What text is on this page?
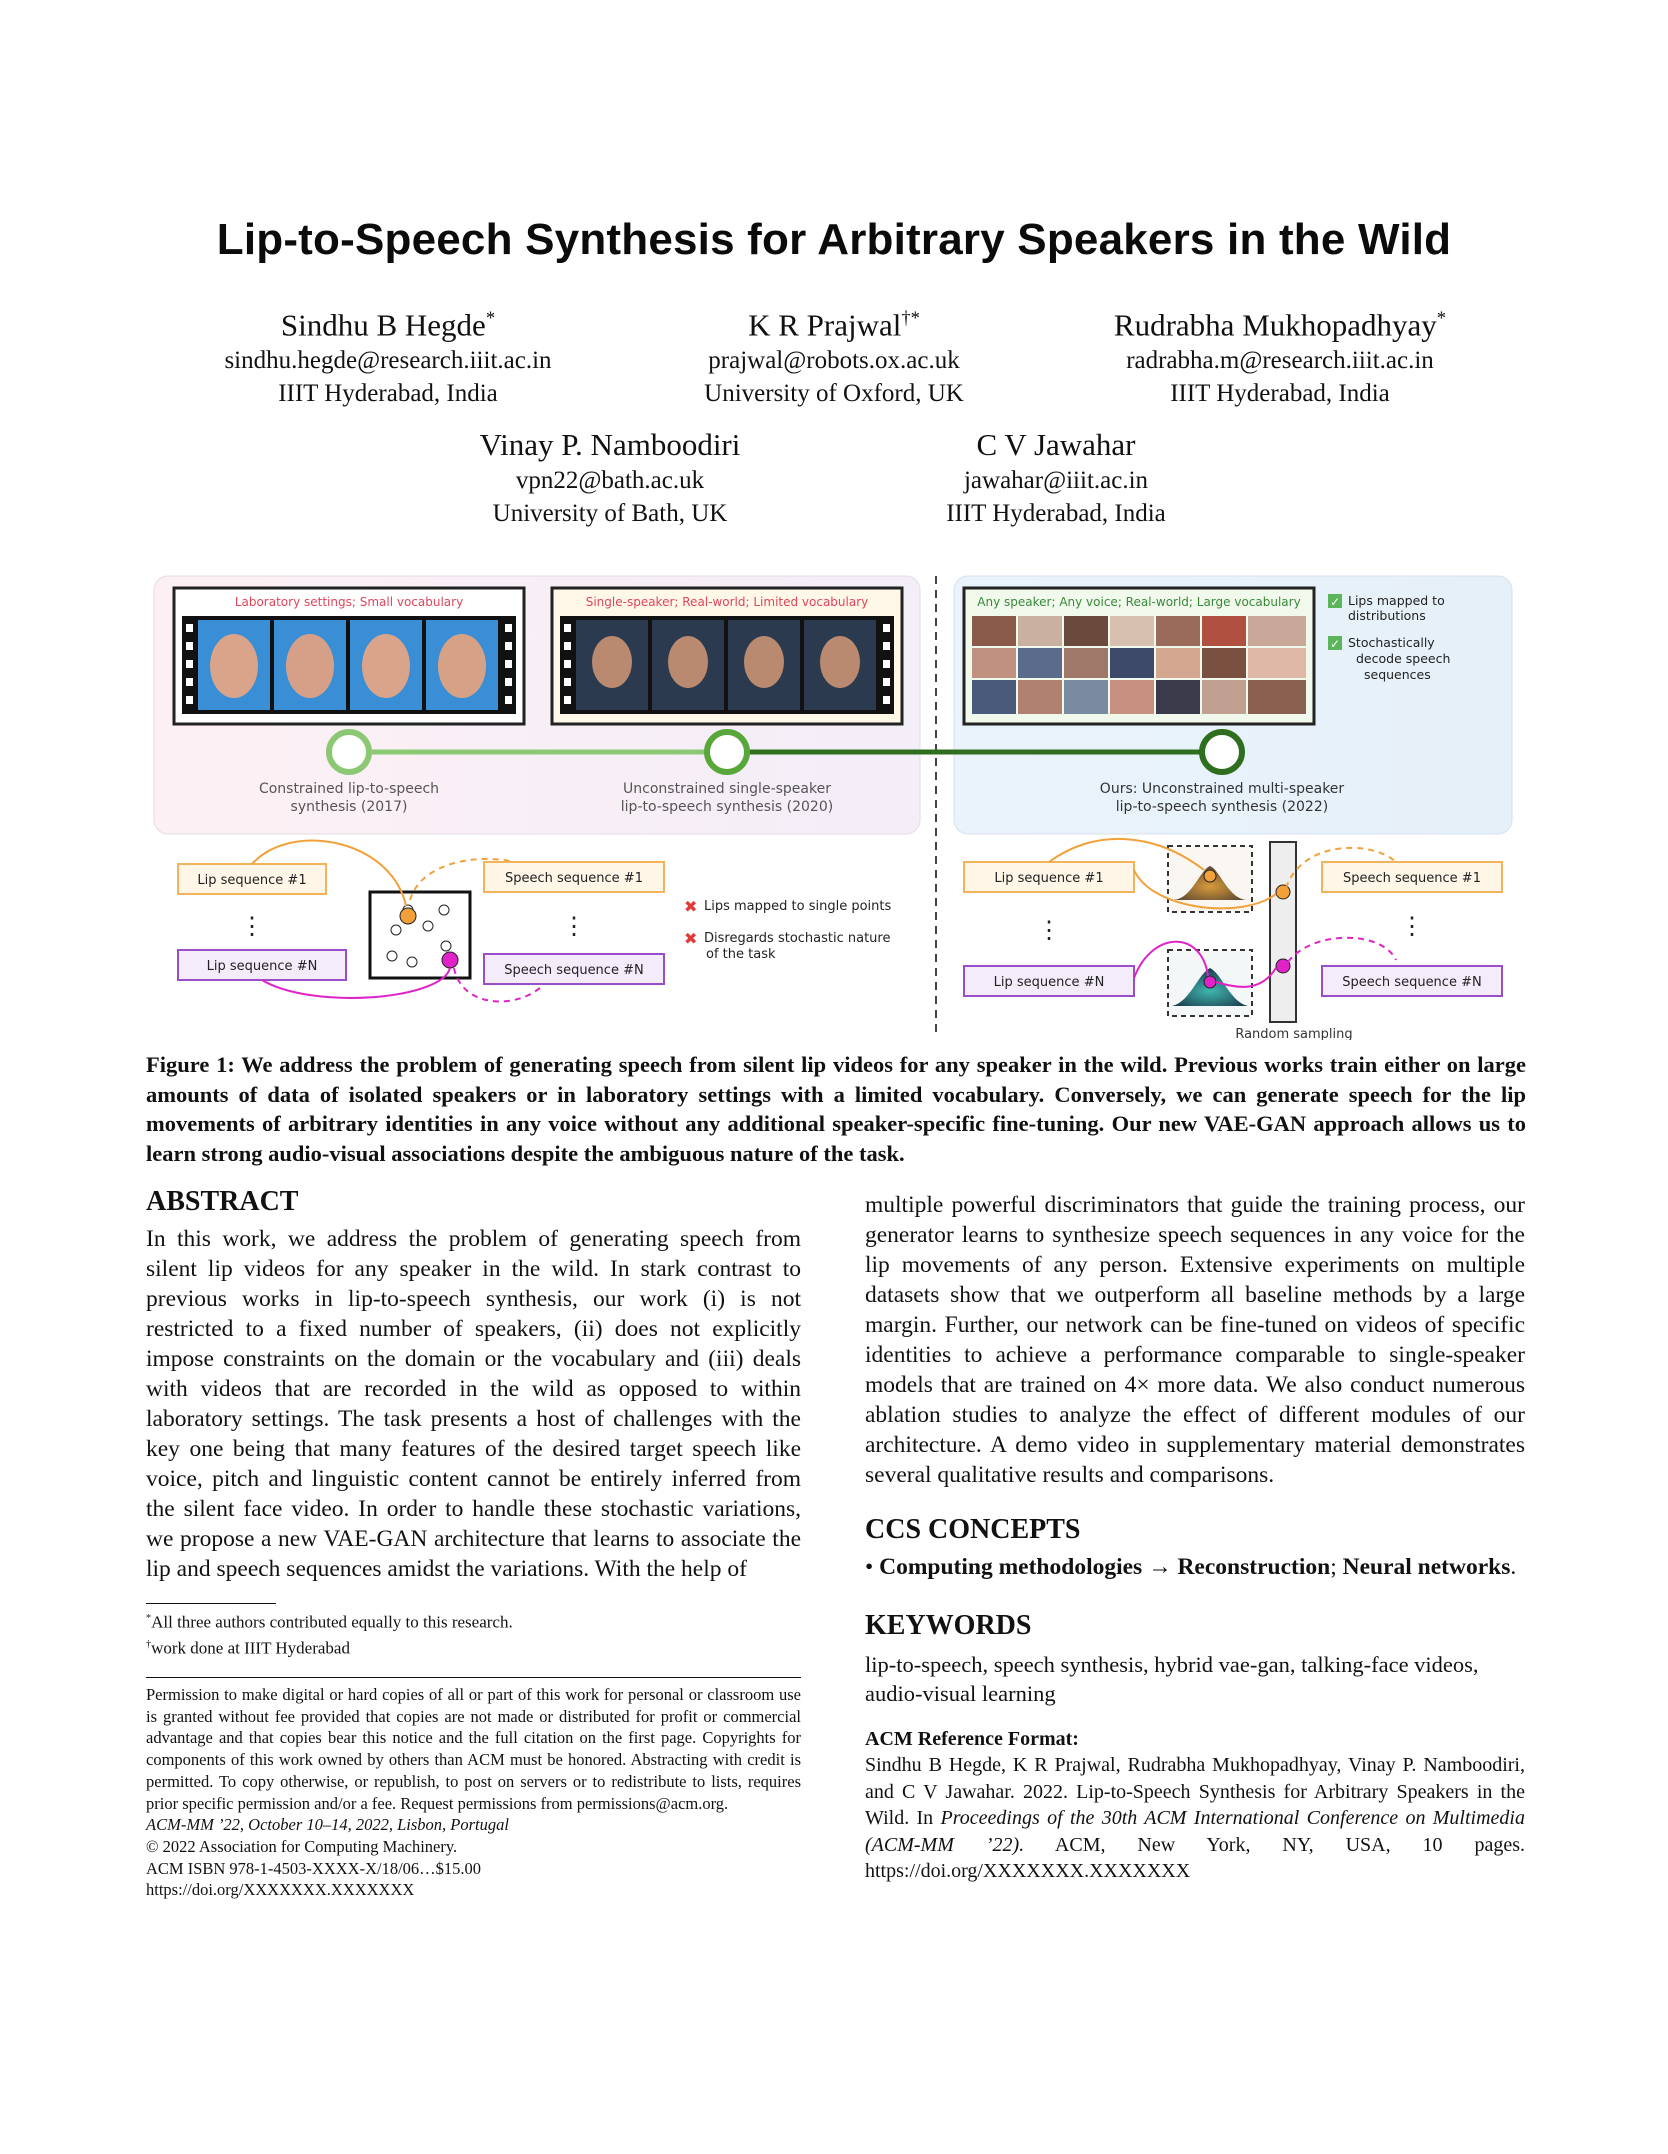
Lip-to-Speech Synthesis for Arbitrary Speakers in the Wild
Sindhu B Hegde*
sindhu.hegde@research.iiit.ac.in
IIIT Hyderabad, India
K R Prajwal†*
prajwal@robots.ox.ac.uk
University of Oxford, UK
Rudrabha Mukhopadhyay*
radrabha.m@research.iiit.ac.in
IIIT Hyderabad, India
Vinay P. Namboodiri
vpn22@bath.ac.uk
University of Bath, UK
C V Jawahar
jawahar@iiit.ac.in
IIIT Hyderabad, India
Laboratory settings; Small vocabulary	Single-speaker; Real-world; Limited vocabulary	Any speaker; Any voice; Real-world; Large vocabulary ✓ Lips mapped to
distributions
✓ Stochastically
decode speech
sequences
Constrained lip-to-speech
synthesis (2017)
Unconstrained single-speaker
lip-to-speech synthesis (2020)
Ours: Unconstrained multi-speaker
lip-to-speech synthesis (2022)
Lip sequence #1
Lip sequence #N
⋮
Speech sequence #1
Speech sequence #N
⋮
✖ Lips mapped to single points
✖ Disregards stochastic nature
of the task
Lip sequence #1
Lip sequence #N
⋮
Speech sequence #1
Speech sequence #N
⋮
Random sampling
Figure 1: We address the problem of generating speech from silent lip videos for any speaker in the wild. Previous works train either on large amounts of data of isolated speakers or in laboratory settings with a limited vocabulary. Conversely, we can generate speech for the lip movements of arbitrary identities in any voice without any additional speaker-specific fine-tuning. Our new VAE-GAN approach allows us to learn strong audio-visual associations despite the ambiguous nature of the task.
ABSTRACT

In this work, we address the problem of generating speech from silent lip videos for any speaker in the wild. In stark contrast to previous works in lip-to-speech synthesis, our work (i) is not restricted to a fixed number of speakers, (ii) does not explicitly impose constraints on the domain or the vocabulary and (iii) deals with videos that are recorded in the wild as opposed to within laboratory settings. The task presents a host of challenges with the key one being that many features of the desired target speech like voice, pitch and linguistic content cannot be entirely inferred from the silent face video. In order to handle these stochastic variations, we propose a new VAE-GAN architecture that learns to associate the lip and speech sequences amidst the variations. With the help of

*All three authors contributed equally to this research.
†work done at IIIT Hyderabad
Permission to make digital or hard copies of all or part of this work for personal or classroom use is granted without fee provided that copies are not made or distributed for profit or commercial advantage and that copies bear this notice and the full citation on the first page. Copyrights for components of this work owned by others than ACM must be honored. Abstracting with credit is permitted. To copy otherwise, or republish, to post on servers or to redistribute to lists, requires prior specific permission and/or a fee. Request permissions from permissions@acm.org.
ACM-MM ’22, October 10–14, 2022, Lisbon, Portugal
© 2022 Association for Computing Machinery.
ACM ISBN 978-1-4503-XXXX-X/18/06…$15.00
https://doi.org/XXXXXXX.XXXXXXX

multiple powerful discriminators that guide the training process, our generator learns to synthesize speech sequences in any voice for the lip movements of any person. Extensive experiments on multiple datasets show that we outperform all baseline methods by a large margin. Further, our network can be fine-tuned on videos of specific identities to achieve a performance comparable to single-speaker models that are trained on 4× more data. We also conduct numerous ablation studies to analyze the effect of different modules of our architecture. A demo video in supplementary material demonstrates several qualitative results and comparisons.

CCS CONCEPTS

• Computing methodologies → Reconstruction; Neural networks.

KEYWORDS

lip-to-speech, speech synthesis, hybrid vae-gan, talking-face videos, audio-visual learning

ACM Reference Format:

Sindhu B Hegde, K R Prajwal, Rudrabha Mukhopadhyay, Vinay P. Namboodiri, and C V Jawahar. 2022. Lip-to-Speech Synthesis for Arbitrary Speakers in the Wild. In Proceedings of the 30th ACM International Conference on Multimedia (ACM-MM ’22). ACM, New York, NY, USA, 10 pages. https://doi.org/XXXXXXX.XXXXXXX
